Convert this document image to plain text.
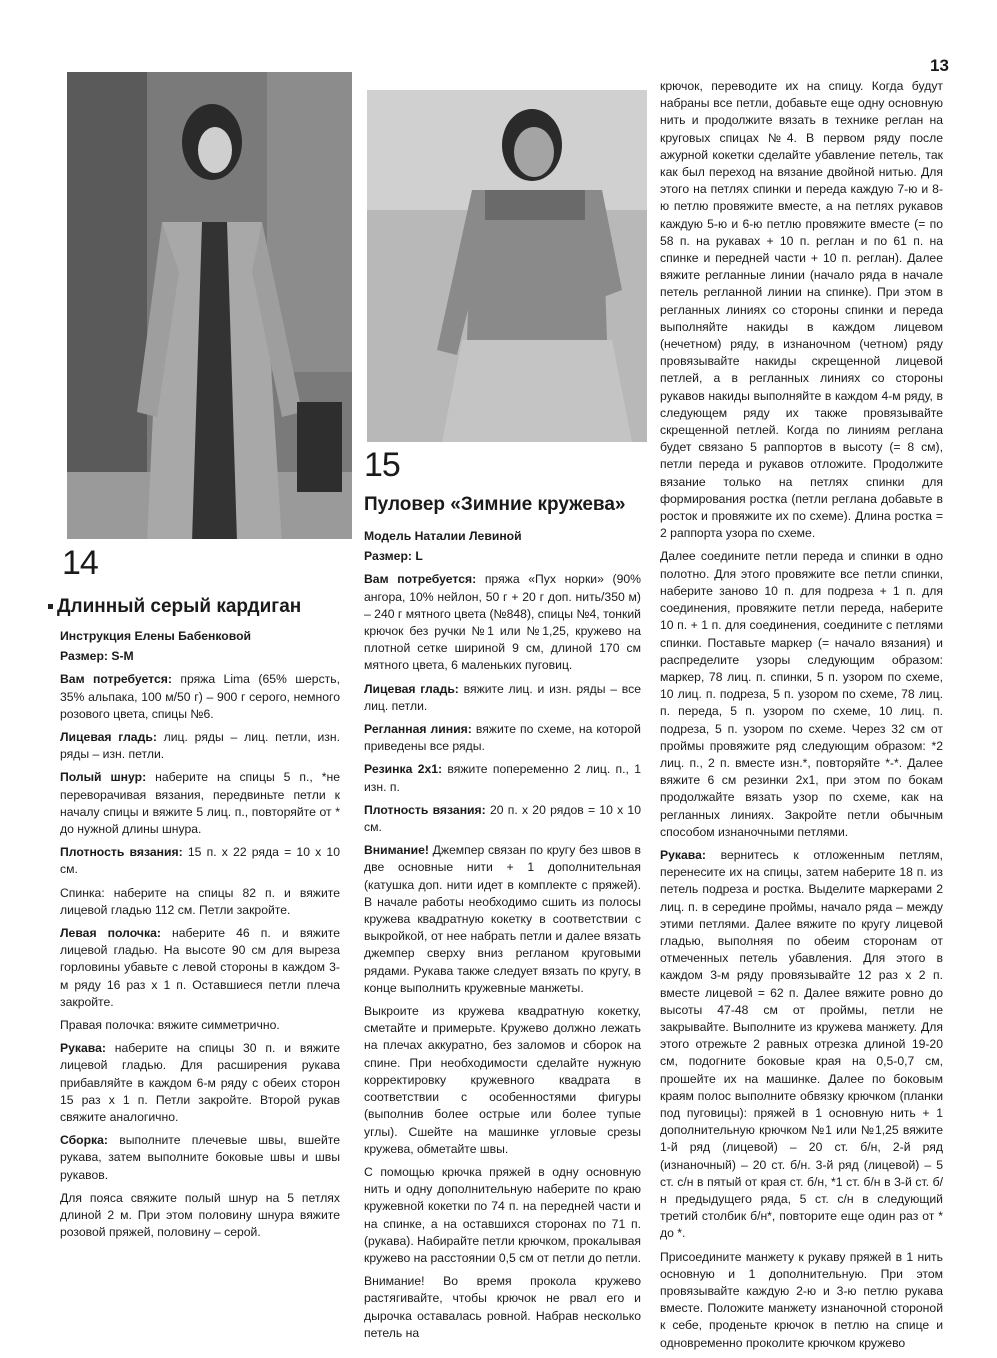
13
14
Длинный серый кардиган

Инструкция Елены Бабенковой

Размер: S-M

Вам потребуется: пряжа Lima (65% шерсть, 35% альпака, 100 м/50 г) – 900 г серого, немного розового цвета, спицы №6.

Лицевая гладь: лиц. ряды – лиц. петли, изн. ряды – изн. петли.

Полый шнур: наберите на спицы 5 п., *не переворачивая вязания, передвиньте петли к началу спицы и вяжите 5 лиц. п., повторяйте от * до нужной длины шнура.

Плотность вязания: 15 п. х 22 ряда = 10 х 10 см.

Спинка: наберите на спицы 82 п. и вяжите лицевой гладью 112 см. Петли закройте.

Левая полочка: наберите 46 п. и вяжите лицевой гладью. На высоте 90 см для выреза горловины убавьте с левой стороны в каждом 3-м ряду 16 раз х 1 п. Оставшиеся петли плеча закройте.

Правая полочка: вяжите симметрично.

Рукава: наберите на спицы 30 п. и вяжите лицевой гладью. Для расширения рукава прибавляйте в каждом 6-м ряду с обеих сторон 15 раз х 1 п. Петли закройте. Второй рукав свяжите аналогично.

Сборка: выполните плечевые швы, вшейте рукава, затем выполните боковые швы и швы рукавов.

Для пояса свяжите полый шнур на 5 петлях длиной 2 м. При этом половину шнура вяжите розовой пряжей, половину – серой.

15
Пуловер «Зимние кружева»

Модель Наталии Левиной

Размер: L

Вам потребуется: пряжа «Пух норки» (90% ангора, 10% нейлон, 50 г + 20 г доп. нить/350 м) – 240 г мятного цвета (№848), спицы №4, тонкий крючок без ручки №1 или №1,25, кружево на плотной сетке шириной 9 см, длиной 170 см мятного цвета, 6 маленьких пуговиц.

Лицевая гладь: вяжите лиц. и изн. ряды – все лиц. петли.

Регланная линия: вяжите по схеме, на которой приведены все ряды.

Резинка 2х1: вяжите попеременно 2 лиц. п., 1 изн. п.

Плотность вязания: 20 п. х 20 рядов = 10 х 10 см.

Внимание! Джемпер связан по кругу без швов в две основные нити + 1 дополнительная (катушка доп. нити идет в комплекте с пряжей). В начале работы необходимо сшить из полосы кружева квадратную кокетку в соответствии с выкройкой, от нее набрать петли и далее вязать джемпер сверху вниз регланом круговыми рядами. Рукава также следует вязать по кругу, в конце выполнить кружевные манжеты.

Выкроите из кружева квадратную кокетку, сметайте и примерьте. Кружево должно лежать на плечах аккуратно, без заломов и сборок на спине. При необходимости сделайте нужную корректировку кружевного квадрата в соответствии с особенностями фигуры (выполнив более острые или более тупые углы). Сшейте на машинке угловые срезы кружева, обметайте швы.

С помощью крючка пряжей в одну основную нить и одну дополнительную наберите по краю кружевной кокетки по 74 п. на передней части и на спинке, а на оставшихся сторонах по 71 п. (рукава). Набирайте петли крючком, прокалывая кружево на расстоянии 0,5 см от петли до петли.

Внимание! Во время прокола кружево растягивайте, чтобы крючок не рвал его и дырочка оставалась ровной. Набрав несколько петель на

крючок, переводите их на спицу. Когда будут набраны все петли, добавьте еще одну основную нить и продолжите вязать в технике реглан на круговых спицах №4. В первом ряду после ажурной кокетки сделайте убавление петель, так как был переход на вязание двойной нитью. Для этого на петлях спинки и переда каждую 7-ю и 8-ю петлю провяжите вместе, а на петлях рукавов каждую 5-ю и 6-ю петлю провяжите вместе (= по 58 п. на рукавах + 10 п. реглан и по 61 п. на спинке и передней части + 10 п. реглан). Далее вяжите регланные линии (начало ряда в начале петель регланной линии на спинке). При этом в регланных линиях со стороны спинки и переда выполняйте накиды в каждом лицевом (нечетном) ряду, в изнаночном (четном) ряду провязывайте накиды скрещенной лицевой петлей, а в регланных линиях со стороны рукавов накиды выполняйте в каждом 4-м ряду, в следующем ряду их также провязывайте скрещенной петлей. Когда по линиям реглана будет связано 5 раппортов в высоту (= 8 см), петли переда и рукавов отложите. Продолжите вязание только на петлях спинки для формирования ростка (петли реглана добавьте в росток и провяжите их по схеме). Длина ростка = 2 раппорта узора по схеме.

Далее соедините петли переда и спинки в одно полотно. Для этого провяжите все петли спинки, наберите заново 10 п. для подреза + 1 п. для соединения, провяжите петли переда, наберите 10 п. + 1 п. для соединения, соедините с петлями спинки. Поставьте маркер (= начало вязания) и распределите узоры следующим образом: маркер, 78 лиц. п. спинки, 5 п. узором по схеме, 10 лиц. п. подреза, 5 п. узором по схеме, 78 лиц. п. переда, 5 п. узором по схеме, 10 лиц. п. подреза, 5 п. узором по схеме. Через 32 см от проймы провяжите ряд следующим образом: *2 лиц. п., 2 п. вместе изн.*, повторяйте *-*. Далее вяжите 6 см резинки 2х1, при этом по бокам продолжайте вязать узор по схеме, как на регланных линиях. Закройте петли обычным способом изнаночными петлями.

Рукава: вернитесь к отложенным петлям, перенесите их на спицы, затем наберите 18 п. из петель подреза и ростка. Выделите маркерами 2 лиц. п. в середине проймы, начало ряда – между этими петлями. Далее вяжите по кругу лицевой гладью, выполняя по обеим сторонам от отмеченных петель убавления. Для этого в каждом 3-м ряду провязывайте 12 раз х 2 п. вместе лицевой = 62 п. Далее вяжите ровно до высоты 47-48 см от проймы, петли не закрывайте. Выполните из кружева манжету. Для этого отрежьте 2 равных отрезка длиной 19-20 см, подогните боковые края на 0,5-0,7 см, прошейте их на машинке. Далее по боковым краям полос выполните обвязку крючком (планки под пуговицы): пряжей в 1 основную нить + 1 дополнительную крючком №1 или №1,25 вяжите 1-й ряд (лицевой) – 20 ст. б/н, 2-й ряд (изнаночный) – 20 ст. б/н. 3-й ряд (лицевой) – 5 ст. с/н в пятый от края ст. б/н, *1 ст. б/н в 3-й ст. б/н предыдущего ряда, 5 ст. с/н в следующий третий столбик б/н*, повторите еще один раз от * до *.

Присоедините манжету к рукаву пряжей в 1 нить основную и 1 дополнительную. При этом провязывайте каждую 2-ю и 3-ю петлю рукава вместе. Положите манжету изнаночной стороной к себе, проденьте крючок в петлю на спице и одновременно проколите крючком кружево
